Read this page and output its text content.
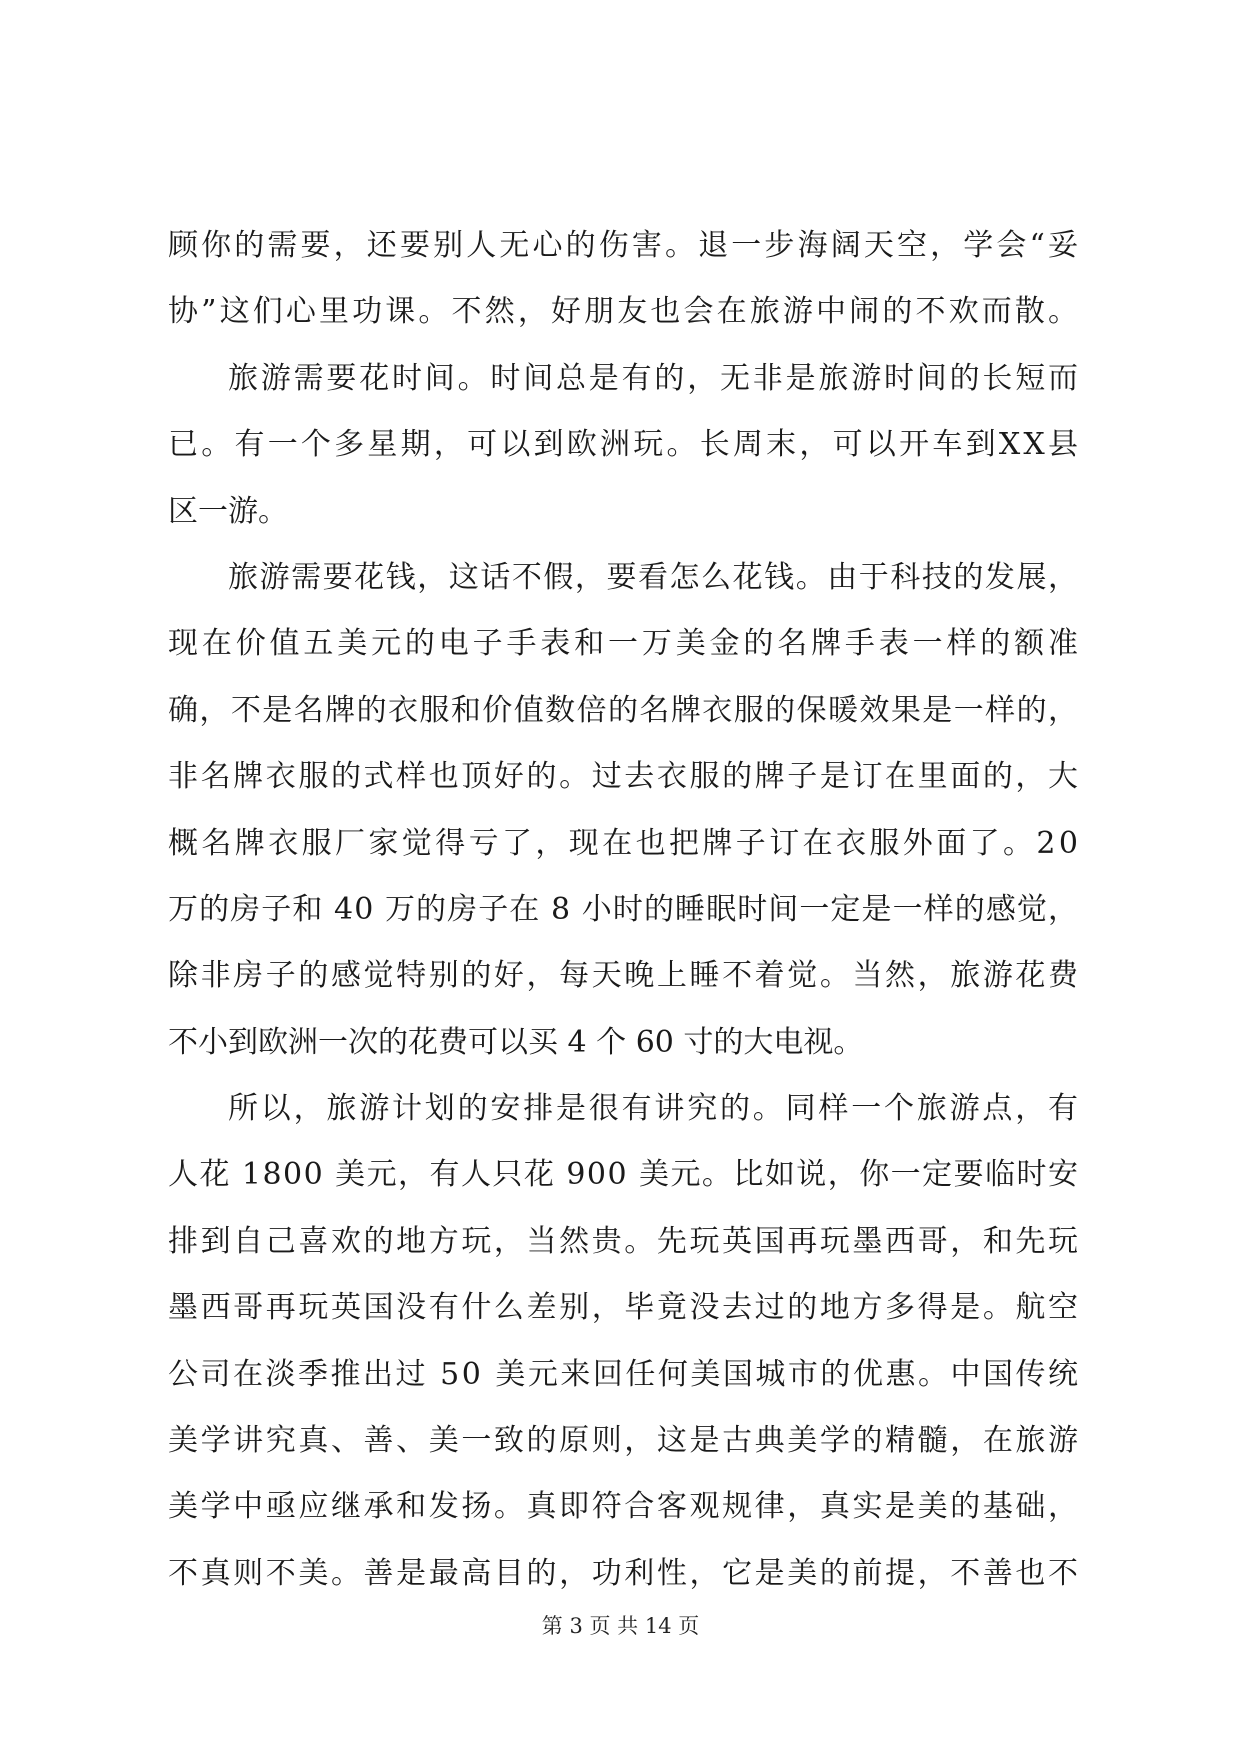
顾你的需要，还要别人无心的伤害。退一步海阔天空，学会“妥
协”这们心里功课。不然，好朋友也会在旅游中闹的不欢而散。
旅游需要花时间。时间总是有的，无非是旅游时间的长短而
已。有一个多星期，可以到欧洲玩。长周末，可以开车到XX县
区一游。
旅游需要花钱，这话不假，要看怎么花钱。由于科技的发展，
现在价值五美元的电子手表和一万美金的名牌手表一样的额准
确，不是名牌的衣服和价值数倍的名牌衣服的保暖效果是一样的，
非名牌衣服的式样也顶好的。过去衣服的牌子是订在里面的，大
概名牌衣服厂家觉得亏了，现在也把牌子订在衣服外面了。20
万的房子和 40 万的房子在 8 小时的睡眠时间一定是一样的感觉，
除非房子的感觉特别的好，每天晚上睡不着觉。当然，旅游花费
不小到欧洲一次的花费可以买 4 个 60 寸的大电视。
所以，旅游计划的安排是很有讲究的。同样一个旅游点，有
人花 1800 美元，有人只花 900 美元。比如说，你一定要临时安
排到自己喜欢的地方玩，当然贵。先玩英国再玩墨西哥，和先玩
墨西哥再玩英国没有什么差别，毕竟没去过的地方多得是。航空
公司在淡季推出过 50 美元来回任何美国城市的优惠。中国传统
美学讲究真、善、美一致的原则，这是古典美学的精髓，在旅游
美学中亟应继承和发扬。真即符合客观规律，真实是美的基础，
不真则不美。善是最高目的，功利性，它是美的前提，不善也不
第 3 页 共 14 页
